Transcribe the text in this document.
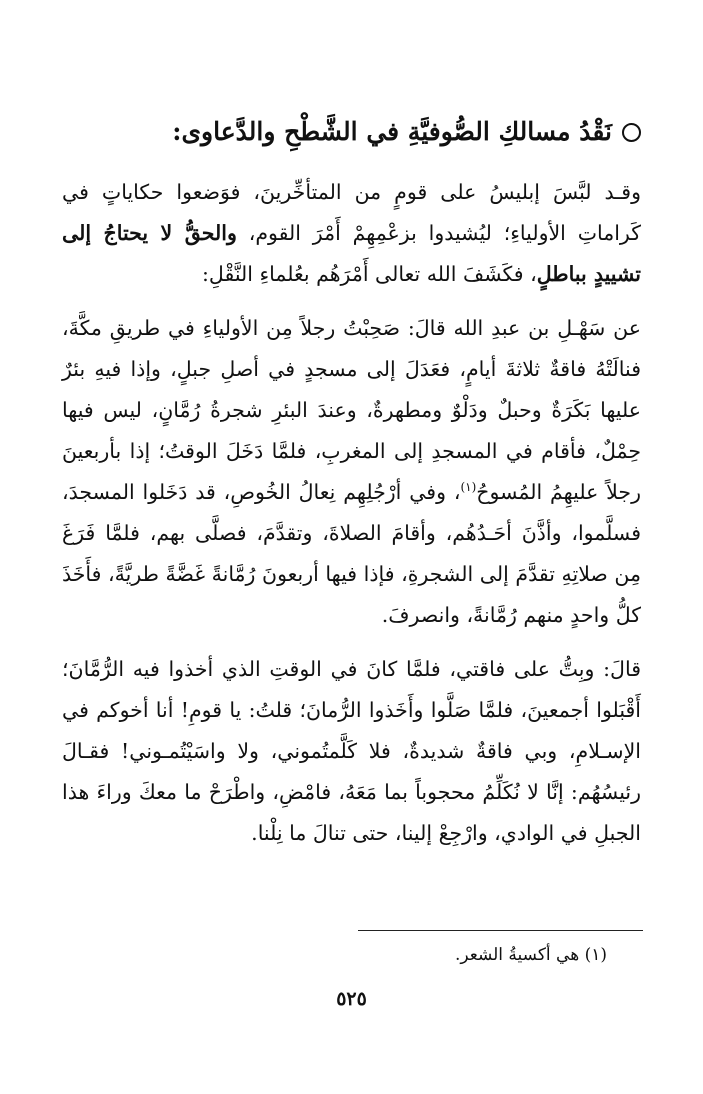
نَقْدُ مسالكِ الصُّوفيَّةِ في الشَّطْحِ والدَّعاوى:

وقـد لبَّسَ إبليسُ على قومٍ من المتأخِّرينَ، فوَضعوا حكاياتٍ في كَراماتِ الأولياءِ؛ ليُشيدوا بزعْمِهِمْ أَمْرَ القوم، والحقُّ لا يحتاجُ إلى تشييدٍ بباطلٍ، فكَشَفَ الله تعالى أَمْرَهُم بعُلماءِ النَّقْلِ:

عن سَهْـلِ بن عبدِ الله قالَ: صَحِبْتُ رجلاً مِن الأولياءِ في طريقِ مكَّةَ، فنالَتْهُ فاقةٌ ثلاثةَ أيامٍ، فعَدَلَ إلى مسجدٍ في أصلِ جبلٍ، وإذا فيهِ بئرٌ عليها بَكَرَةٌ وحبلٌ ودَلْوٌ ومطهرةٌ، وعندَ البئرِ شجرةُ رُمَّانٍ، ليس فيها حِمْلٌ، فأقام في المسجدِ إلى المغربِ، فلمَّا دَخَلَ الوقتُ؛ إذا بأربعينَ رجلاً عليهِمُ المُسوحُ$^{(١)}$، وفي أرْجُلِهِم نِعالُ الخُوصِ، قد دَخَلوا المسجدَ، فسلَّموا، وأذَّنَ أحَـدُهُم، وأقامَ الصلاةَ، وتقدَّمَ، فصلَّى بهم، فلمَّا فَرَغَ مِن صلاتِهِ تقدَّمَ إلى الشجرةِ، فإذا فيها أربعونَ رُمَّانةً غَضَّةً طريَّةً، فأَخَذَ كلُّ واحدٍ منهم رُمَّانةً، وانصرفَ.

قالَ: وبِتُّ على فاقتي، فلمَّا كانَ في الوقتِ الذي أخذوا فيه الرُّمَّانَ؛ أَقْبَلوا أجمعينَ، فلمَّا صَلَّوا وأَخَذوا الرُّمانَ؛ قلتُ: يا قومِ! أنا أخوكم في الإسـلامِ، وبي فاقةٌ شديدةٌ، فلا كَلَّمتُموني، ولا واسَيْتُمـوني! فقـالَ رئيسُهُم: إنَّا لا نُكَلِّمُ محجوباً بما مَعَهُ، فامْضِ، واطْرَحْ ما معكَ وراءَ هذا الجبلِ في الوادي، وارْجِعْ إلينا، حتى تنالَ ما نِلْنا.

(١) هي أكسيةُ الشعر.
٥٢٥
